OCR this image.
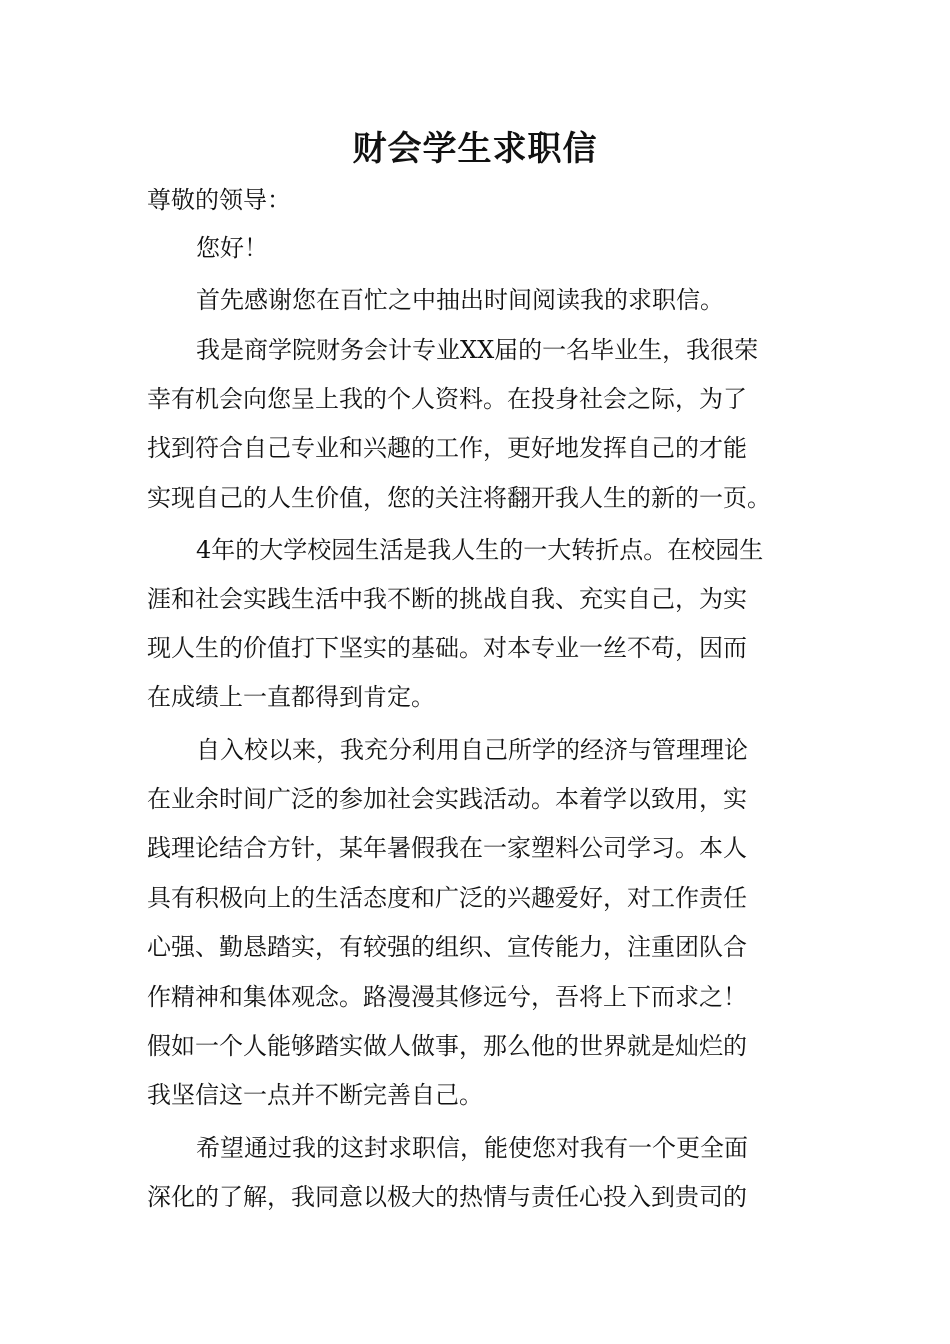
财会学生求职信

尊敬的领导：

您好！

首先感谢您在百忙之中抽出时间阅读我的求职信。

我是商学院财务会计专业XX届的一名毕业生，我很荣

幸有机会向您呈上我的个人资料。在投身社会之际，为了

找到符合自己专业和兴趣的工作，更好地发挥自己的才能

实现自己的人生价值，您的关注将翻开我人生的新的一页。

4年的大学校园生活是我人生的一大转折点。在校园生

涯和社会实践生活中我不断的挑战自我、充实自己，为实

现人生的价值打下坚实的基础。对本专业一丝不苟，因而

在成绩上一直都得到肯定。

自入校以来，我充分利用自己所学的经济与管理理论

在业余时间广泛的参加社会实践活动。本着学以致用，实

践理论结合方针，某年暑假我在一家塑料公司学习。本人

具有积极向上的生活态度和广泛的兴趣爱好，对工作责任

心强、勤恳踏实，有较强的组织、宣传能力，注重团队合

作精神和集体观念。路漫漫其修远兮，吾将上下而求之！

假如一个人能够踏实做人做事，那么他的世界就是灿烂的

我坚信这一点并不断完善自己。

希望通过我的这封求职信，能使您对我有一个更全面

深化的了解，我同意以极大的热情与责任心投入到贵司的
